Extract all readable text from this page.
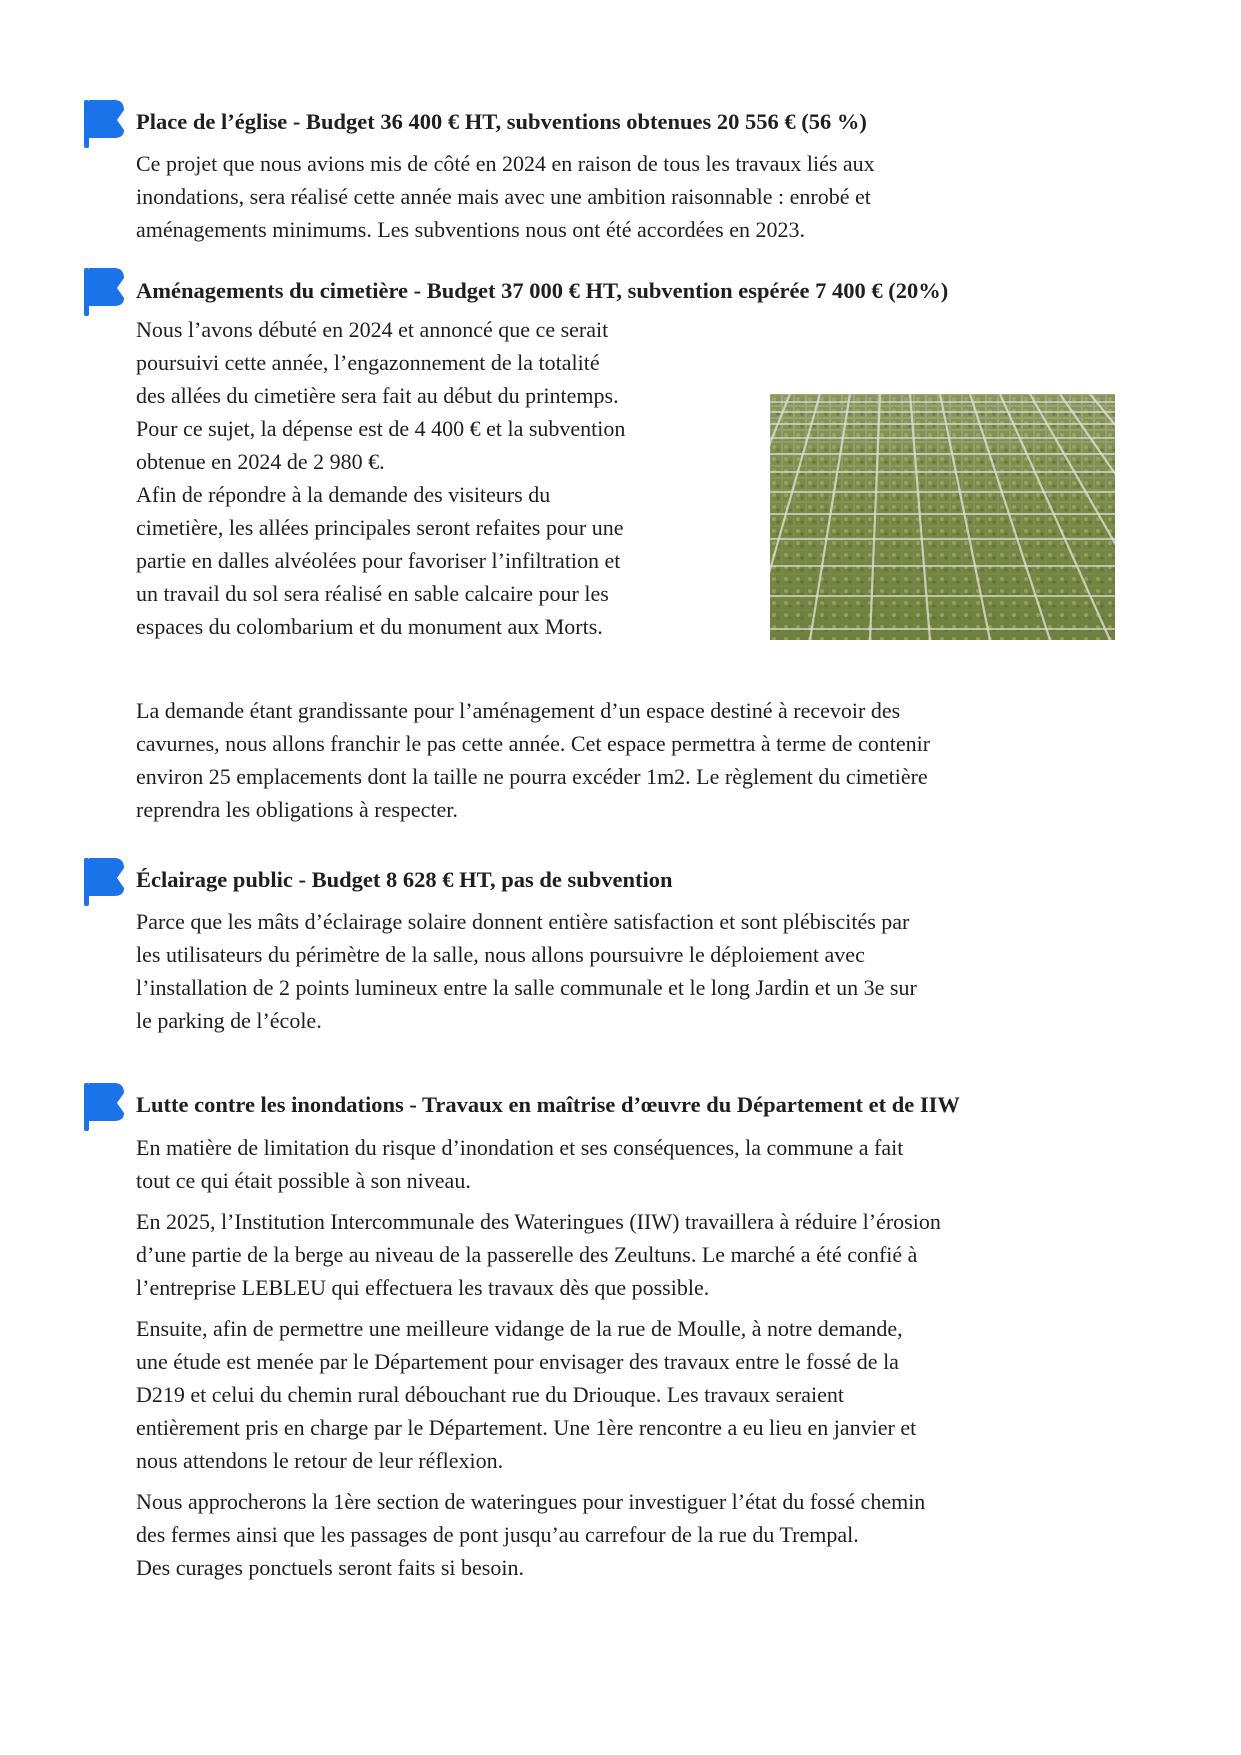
Place de l’église - Budget 36 400 € HT, subventions obtenues 20 556 € (56 %)

Ce projet que nous avions mis de côté en 2024 en raison de tous les travaux liés aux
inondations, sera réalisé cette année mais avec une ambition raisonnable : enrobé et
aménagements minimums. Les subventions nous ont été accordées en 2023.

Aménagements du cimetière - Budget 37 000 € HT, subvention espérée 7 400 € (20%)

Nous l’avons débuté en 2024 et annoncé que ce serait
poursuivi cette année, l’engazonnement de la totalité
des allées du cimetière sera fait au début du printemps.
Pour ce sujet, la dépense est de 4 400 € et la subvention
obtenue en 2024 de 2 980 €.
Afin de répondre à la demande des visiteurs du
cimetière, les allées principales seront refaites pour une
partie en dalles alvéolées pour favoriser l’infiltration et
un travail du sol sera réalisé en sable calcaire pour les
espaces du colombarium et du monument aux Morts.

La demande étant grandissante pour l’aménagement d’un espace destiné à recevoir des
cavurnes, nous allons franchir le pas cette année. Cet espace permettra à terme de contenir
environ 25 emplacements dont la taille ne pourra excéder 1m2. Le règlement du cimetière
reprendra les obligations à respecter.

Éclairage public - Budget 8 628 € HT, pas de subvention

Parce que les mâts d’éclairage solaire donnent entière satisfaction et sont plébiscités par
les utilisateurs du périmètre de la salle, nous allons poursuivre le déploiement avec
l’installation de 2 points lumineux entre la salle communale et le long Jardin et un 3e sur
le parking de l’école.

Lutte contre les inondations - Travaux en maîtrise d’œuvre du Département et de IIW

En matière de limitation du risque d’inondation et ses conséquences, la commune a fait
tout ce qui était possible à son niveau.

En 2025, l’Institution Intercommunale des Wateringues (IIW) travaillera à réduire l’érosion
d’une partie de la berge au niveau de la passerelle des Zeultuns. Le marché a été confié à
l’entreprise LEBLEU qui effectuera les travaux dès que possible.

Ensuite, afin de permettre une meilleure vidange de la rue de Moulle, à notre demande,
une étude est menée par le Département pour envisager des travaux entre le fossé de la
D219 et celui du chemin rural débouchant rue du Driouque. Les travaux seraient
entièrement pris en charge par le Département. Une 1ère rencontre a eu lieu en janvier et
nous attendons le retour de leur réflexion.

Nous approcherons la 1ère section de wateringues pour investiguer l’état du fossé chemin
des fermes ainsi que les passages de pont jusqu’au carrefour de la rue du Trempal.
Des curages ponctuels seront faits si besoin.
